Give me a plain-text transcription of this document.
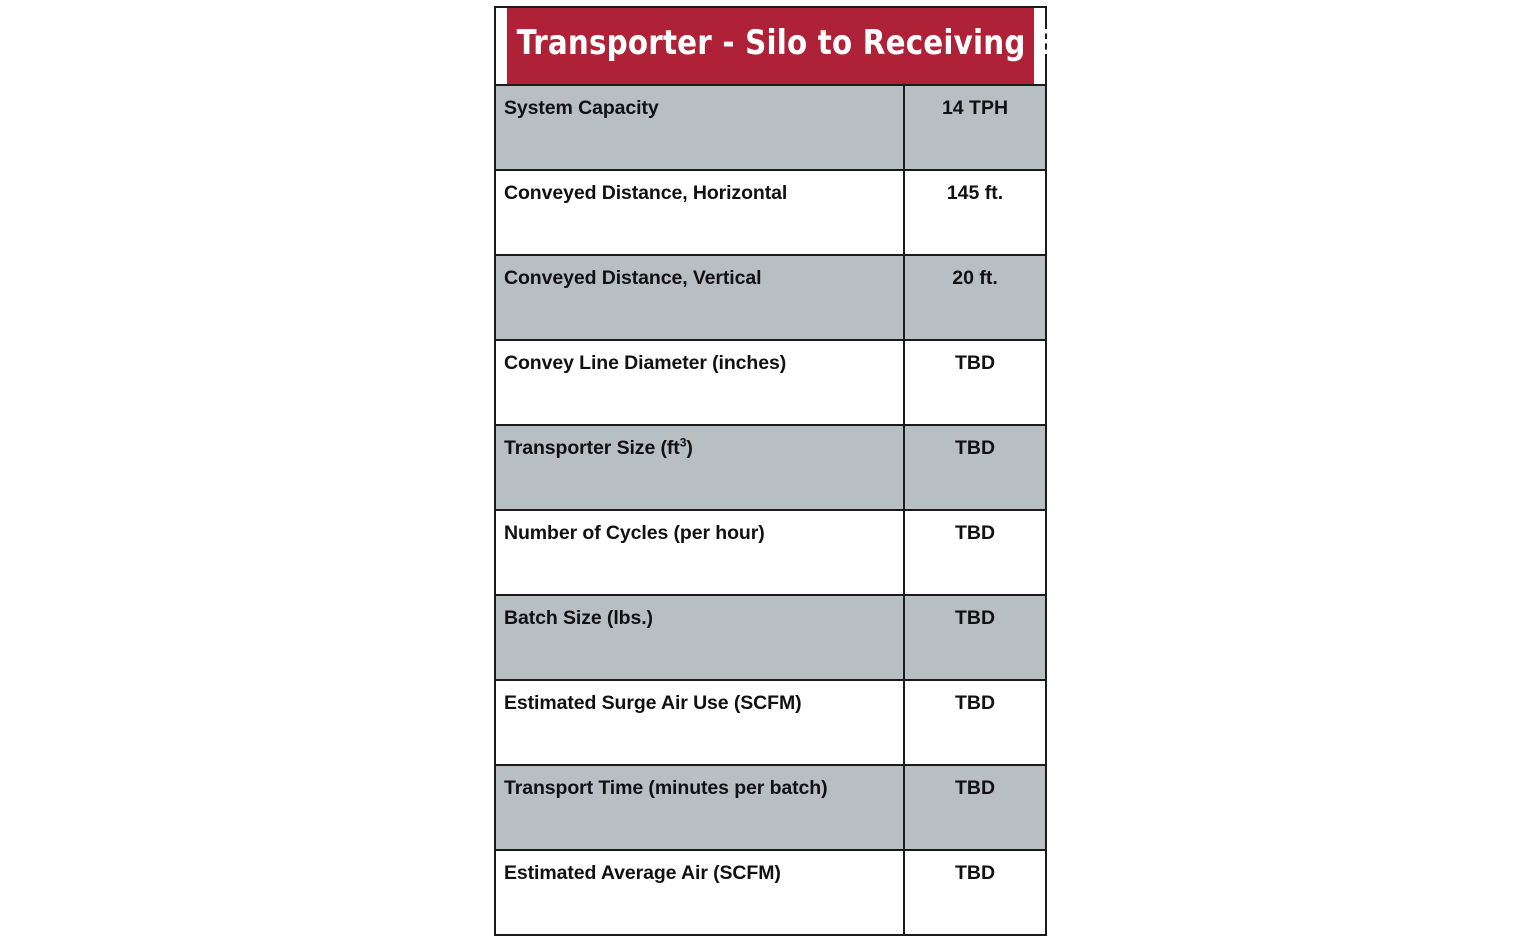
Transporter - Silo to Receiving Bin	
System Capacity	14 TPH
Conveyed Distance, Horizontal	145 ft.
Conveyed Distance, Vertical	20 ft.
Convey Line Diameter (inches)	TBD
Transporter Size $(ft^3)$	TBD
Number of Cycles (per hour)	TBD
Batch Size (lbs.)	TBD
Estimated Surge Air Use (SCFM)	TBD
Transport Time (minutes per batch)	TBD
Estimated Average Air (SCFM)	TBD
